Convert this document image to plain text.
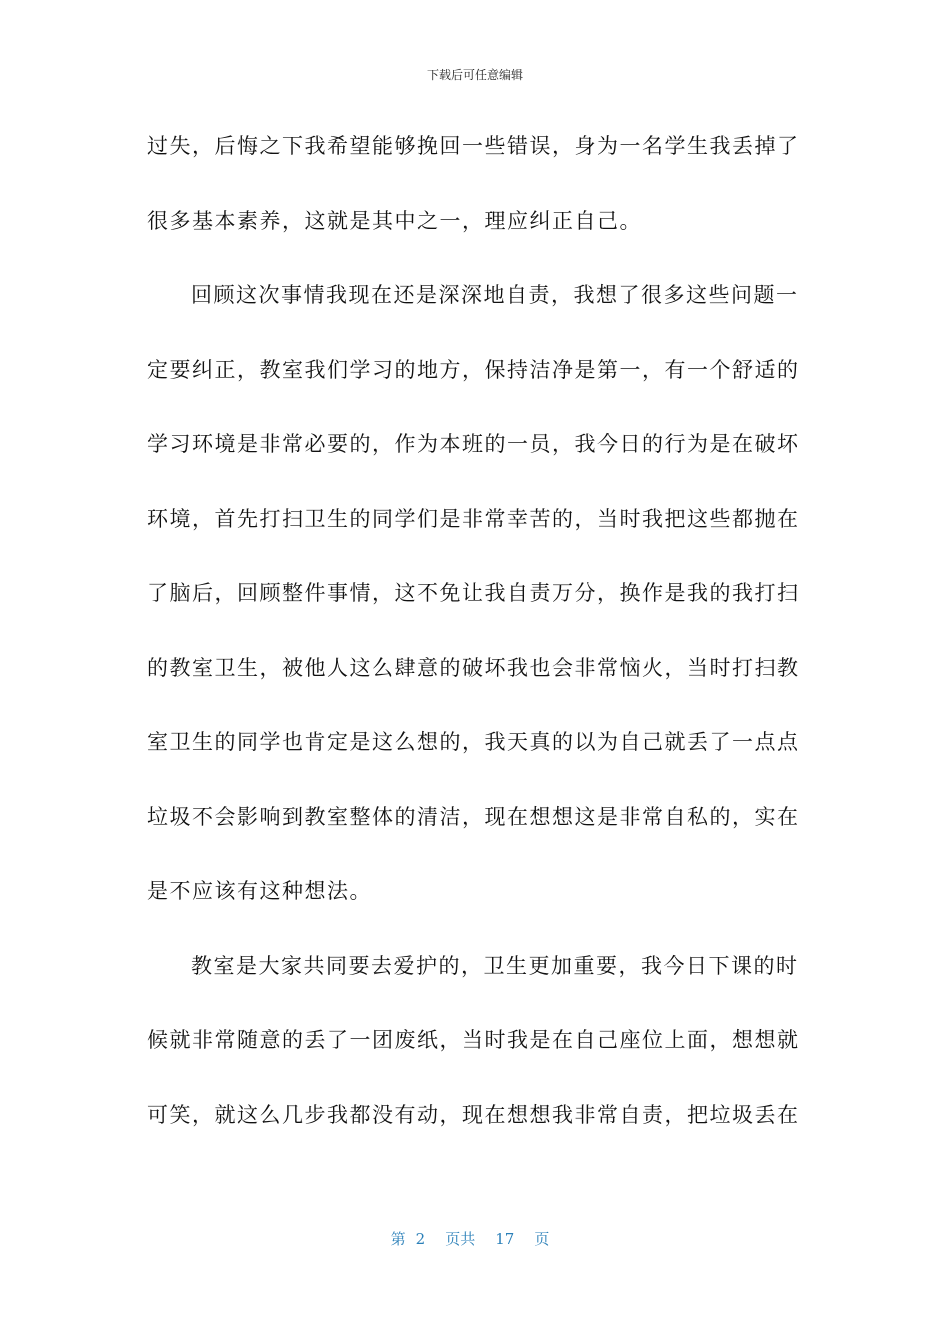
下载后可任意编辑
过失，后悔之下我希望能够挽回一些错误，身为一名学生我丢掉了
很多基本素养，这就是其中之一，理应纠正自己。
回顾这次事情我现在还是深深地自责，我想了很多这些问题一
定要纠正，教室我们学习的地方，保持洁净是第一，有一个舒适的
学习环境是非常必要的，作为本班的一员，我今日的行为是在破坏
环境，首先打扫卫生的同学们是非常幸苦的，当时我把这些都抛在
了脑后，回顾整件事情，这不免让我自责万分，换作是我的我打扫
的教室卫生，被他人这么肆意的破坏我也会非常恼火，当时打扫教
室卫生的同学也肯定是这么想的，我天真的以为自己就丢了一点点
垃圾不会影响到教室整体的清洁，现在想想这是非常自私的，实在
是不应该有这种想法。
教室是大家共同要去爱护的，卫生更加重要，我今日下课的时
候就非常随意的丢了一团废纸，当时我是在自己座位上面，想想就
可笑，就这么几步我都没有动，现在想想我非常自责，把垃圾丢在
第 2 页共 17 页
